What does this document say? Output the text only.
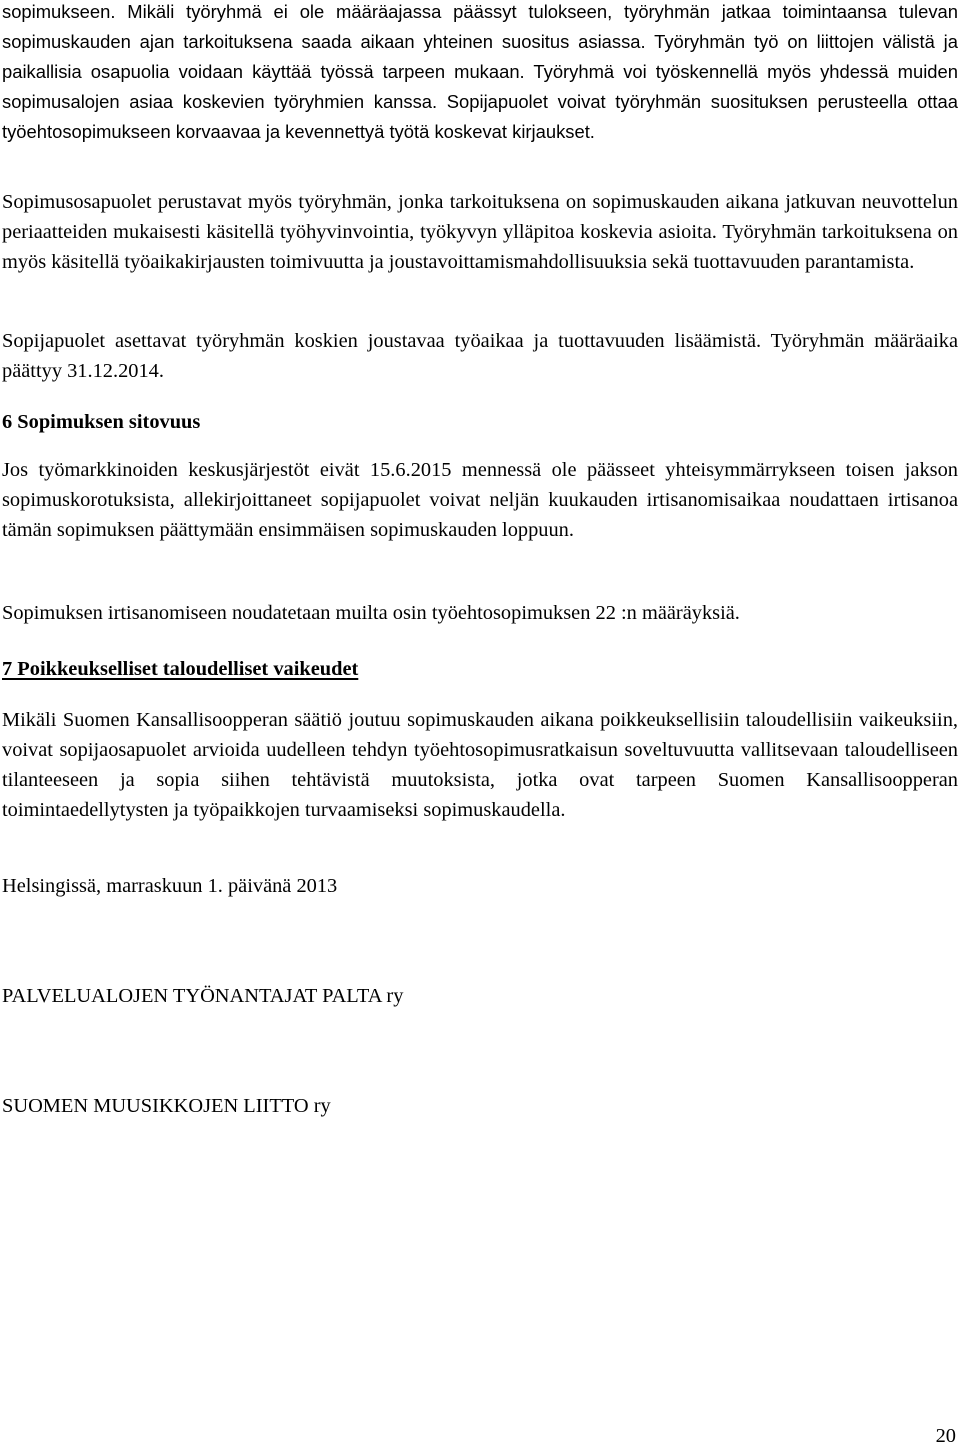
sopimukseen. Mikäli työryhmä ei ole määräajassa päässyt tulokseen, työryhmän jatkaa toimintaansa tulevan sopimuskauden ajan tarkoituksena saada aikaan yhteinen suositus asiassa. Työryhmän työ on liittojen välistä ja paikallisia osapuolia voidaan käyttää työssä tarpeen mukaan. Työryhmä voi työskennellä myös yhdessä muiden sopimusalojen asiaa koskevien työryhmien kanssa. Sopijapuolet voivat työryhmän suosituksen perusteella ottaa työehtosopimukseen korvaavaa ja kevennettyä työtä koskevat kirjaukset.

Sopimusosapuolet perustavat myös työryhmän, jonka tarkoituksena on sopimuskauden aikana jatkuvan neuvottelun periaatteiden mukaisesti käsitellä työhyvinvointia, työkyvyn ylläpitoa koskevia asioita. Työryhmän tarkoituksena on myös käsitellä työaikakirjausten toimivuutta ja joustavoittamismahdollisuuksia sekä tuottavuuden parantamista.

Sopijapuolet asettavat työryhmän koskien joustavaa työaikaa ja tuottavuuden lisäämistä. Työryhmän määräaika päättyy 31.12.2014.

6 Sopimuksen sitovuus

Jos työmarkkinoiden keskusjärjestöt eivät 15.6.2015 mennessä ole päässeet yhteisymmärrykseen toisen jakson sopimuskorotuksista, allekirjoittaneet sopijapuolet voivat neljän kuukauden irtisanomisaikaa noudattaen irtisanoa tämän sopimuksen päättymään ensimmäisen sopimuskauden loppuun.

Sopimuksen irtisanomiseen noudatetaan muilta osin työehtosopimuksen 22 :n määräyksiä.

7 Poikkeukselliset taloudelliset vaikeudet

Mikäli Suomen Kansallisoopperan säätiö joutuu sopimuskauden aikana poikkeuksellisiin taloudellisiin vaikeuksiin, voivat sopijaosapuolet arvioida uudelleen tehdyn työehtosopimusratkaisun soveltuvuutta vallitsevaan taloudelliseen tilanteeseen ja sopia siihen tehtävistä muutoksista, jotka ovat tarpeen Suomen Kansallisoopperan toimintaedellytysten ja työpaikkojen turvaamiseksi sopimuskaudella.

Helsingissä, marraskuun 1. päivänä 2013

PALVELUALOJEN TYÖNANTAJAT PALTA ry

SUOMEN MUUSIKKOJEN LIITTO ry

20
